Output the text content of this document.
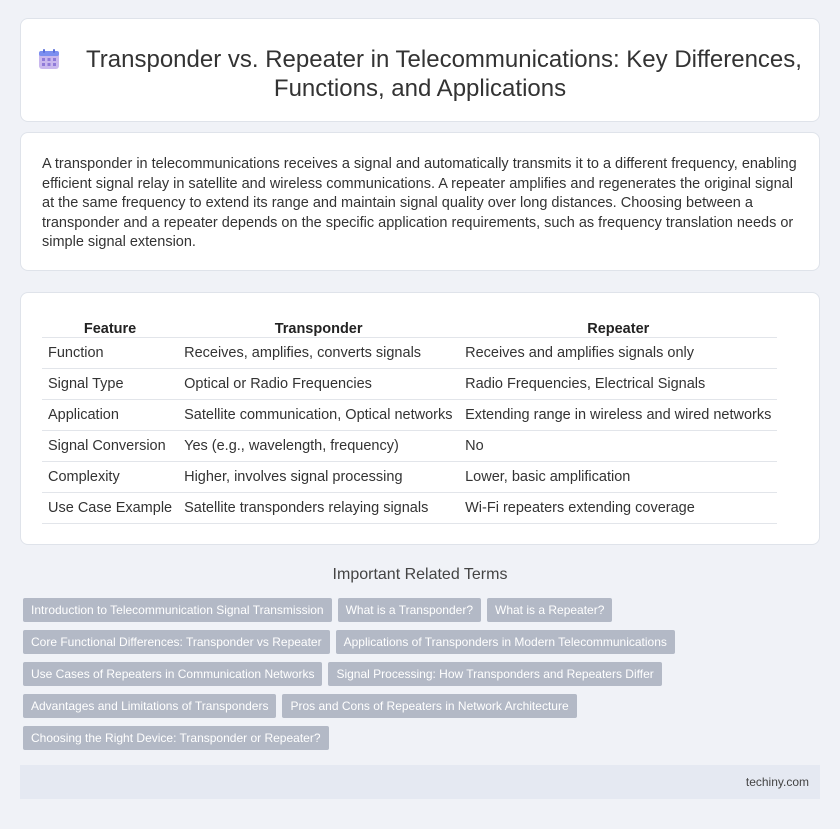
Transponder vs. Repeater in Telecommunications: Key Differences, Functions, and Applications

A transponder in telecommunications receives a signal and automatically transmits it to a different frequency, enabling efficient signal relay in satellite and wireless communications. A repeater amplifies and regenerates the original signal at the same frequency to extend its range and maintain signal quality over long distances. Choosing between a transponder and a repeater depends on the specific application requirements, such as frequency translation needs or simple signal extension.

Feature	Transponder	Repeater
Function	Receives, amplifies, converts signals	Receives and amplifies signals only
Signal Type	Optical or Radio Frequencies	Radio Frequencies, Electrical Signals
Application	Satellite communication, Optical networks	Extending range in wireless and wired networks
Signal Conversion	Yes (e.g., wavelength, frequency)	No
Complexity	Higher, involves signal processing	Lower, basic amplification
Use Case Example	Satellite transponders relaying signals	Wi-Fi repeaters extending coverage
Important Related Terms
Introduction to Telecommunication Signal Transmission	What is a Transponder?	What is a Repeater?
Core Functional Differences: Transponder vs Repeater	Applications of Transponders in Modern Telecommunications
Use Cases of Repeaters in Communication Networks	Signal Processing: How Transponders and Repeaters Differ
Advantages and Limitations of Transponders	Pros and Cons of Repeaters in Network Architecture
Choosing the Right Device: Transponder or Repeater?
techiny.com
